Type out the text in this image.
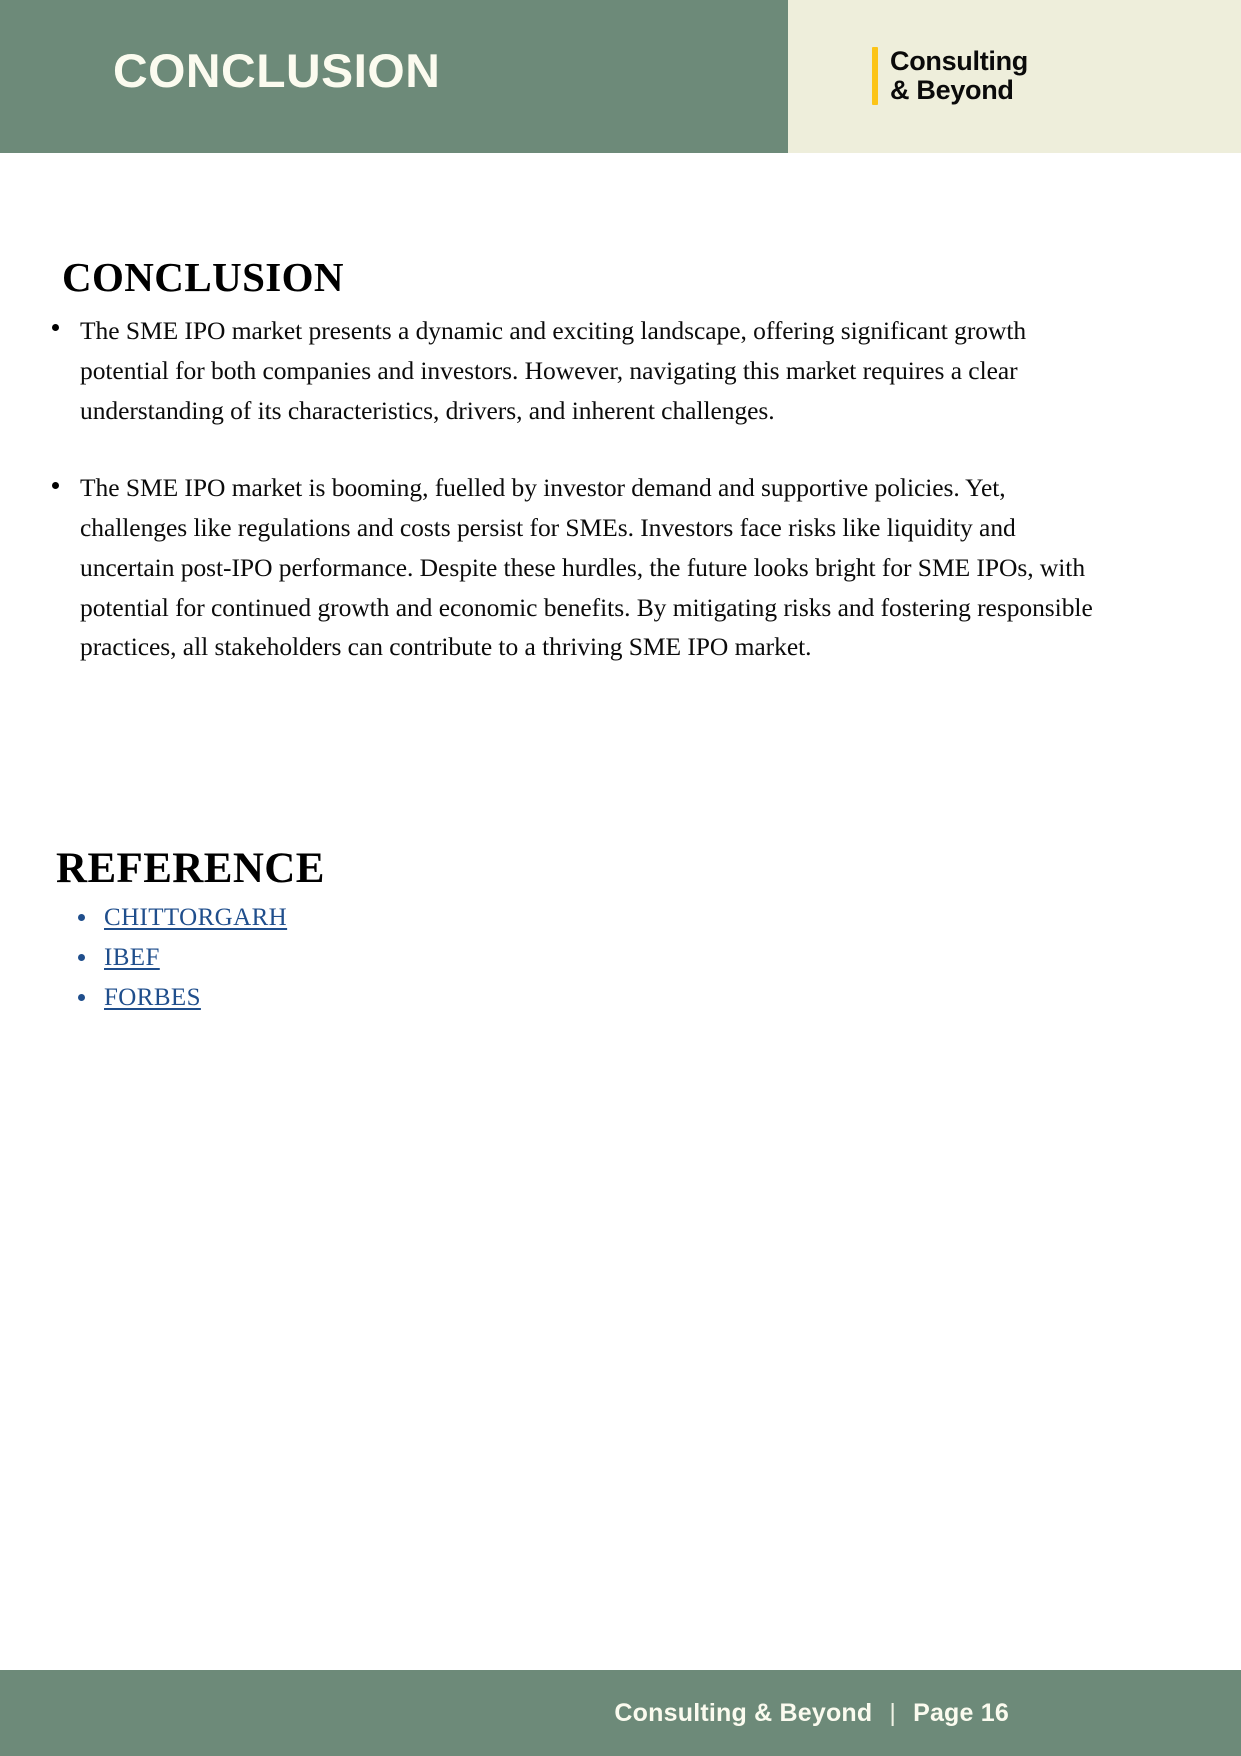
CONCLUSION	Consulting
& Beyond
CONCLUSION
The SME IPO market presents a dynamic and exciting landscape, offering significant growth potential for both companies and investors. However, navigating this market requires a clear understanding of its characteristics, drivers, and inherent challenges.
The SME IPO market is booming, fuelled by investor demand and supportive policies. Yet, challenges like regulations and costs persist for SMEs. Investors face risks like liquidity and uncertain post-IPO performance. Despite these hurdles, the future looks bright for SME IPOs, with potential for continued growth and economic benefits. By mitigating risks and fostering responsible practices, all stakeholders can contribute to a thriving SME IPO market.
REFERENCE
CHITTORGARH
IBEF
FORBES
Consulting & Beyond | Page 16
